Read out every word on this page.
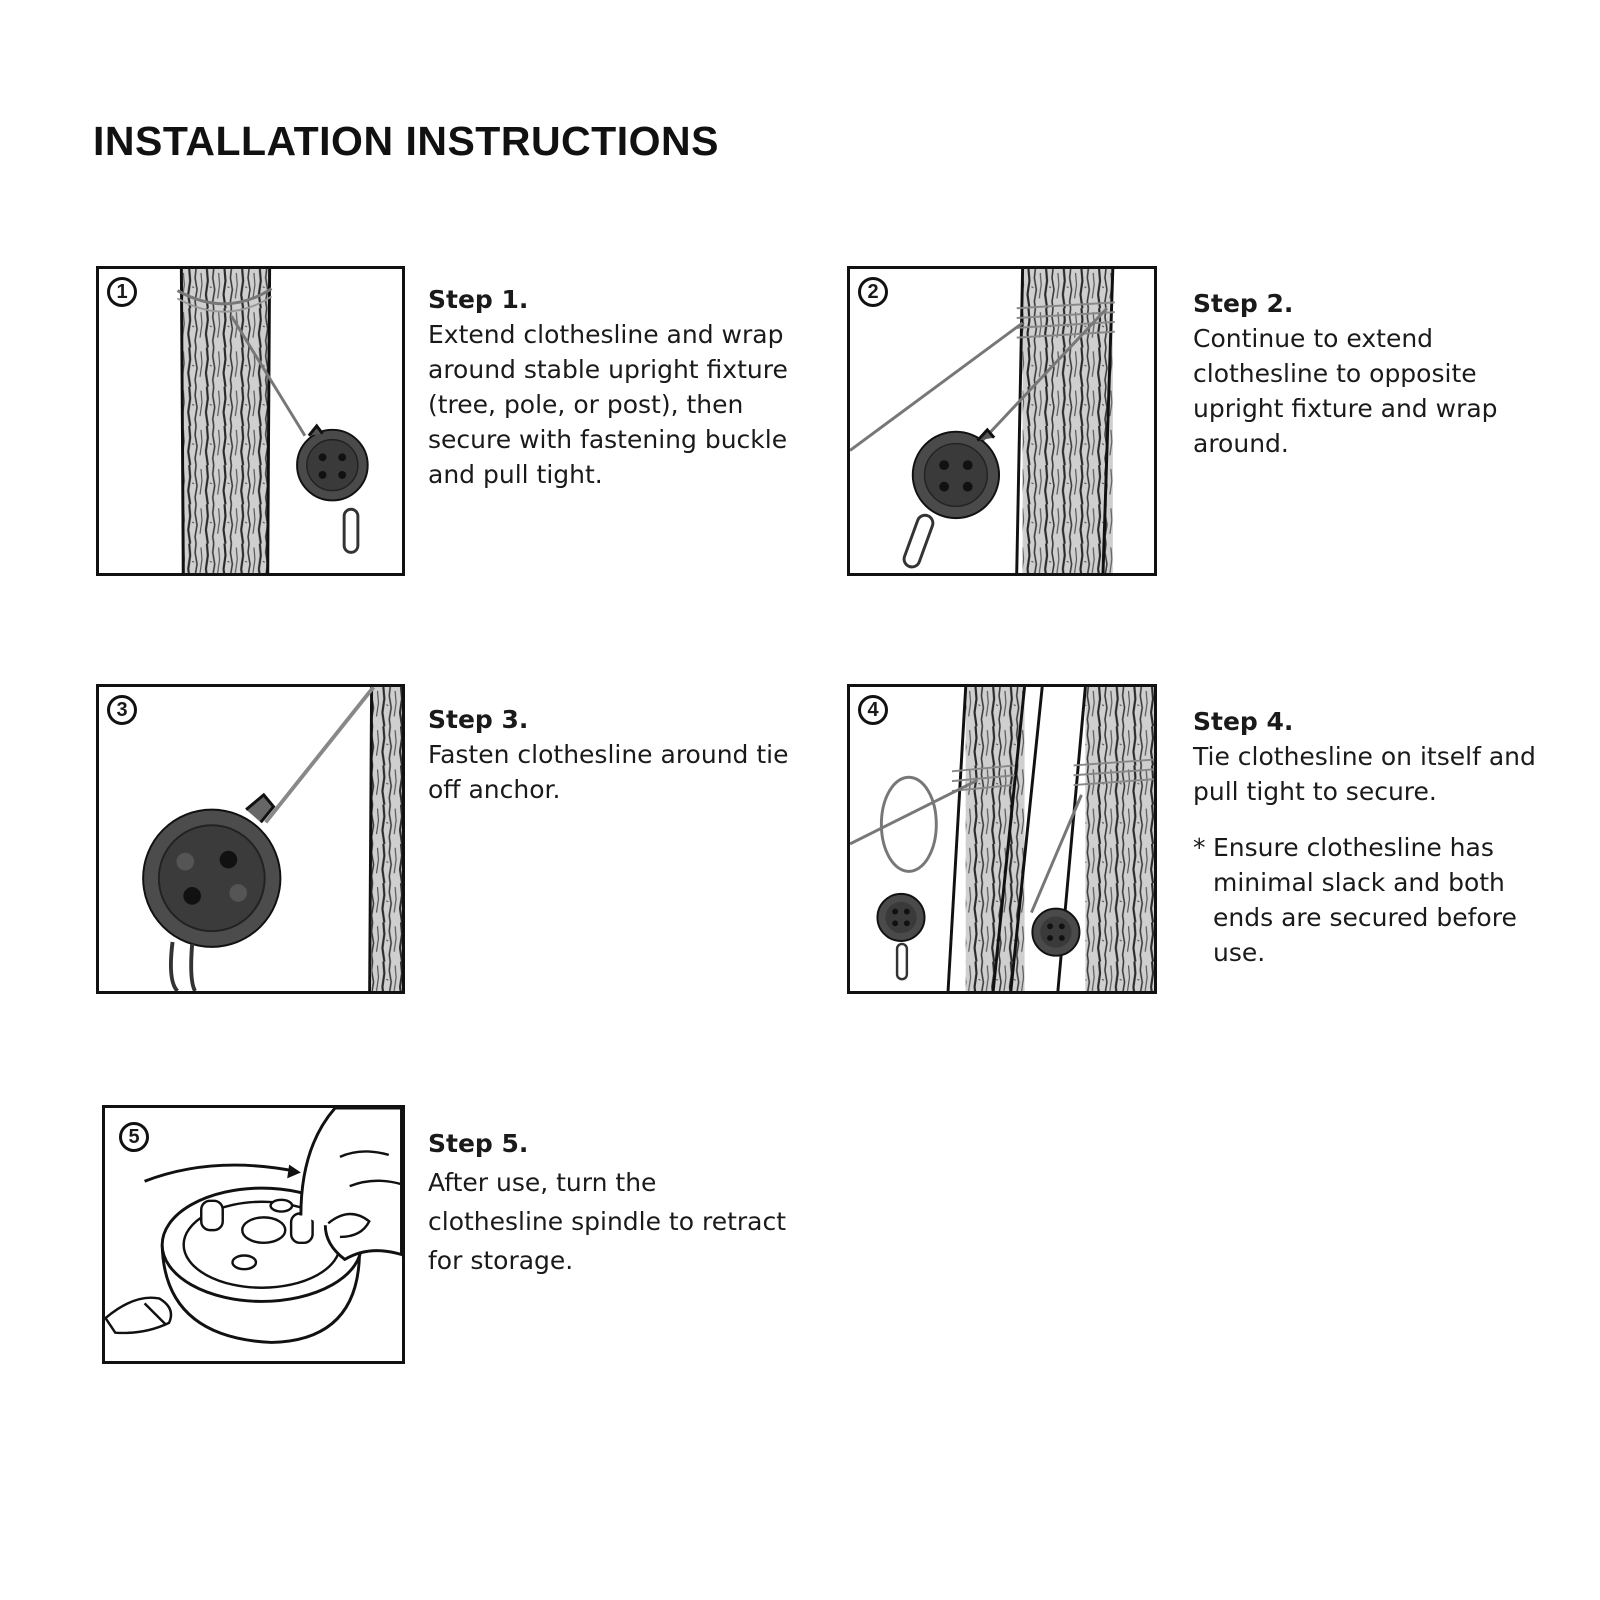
INSTALLATION INSTRUCTIONS
1	Step 1.

Extend clothesline and wrap around stable upright fixture (tree, pole, or post), then secure with fastening buckle and pull tight.

2	Step 2.

Continue to extend clothesline to opposite upright fixture and wrap around.

3	Step 3.

Fasten clothesline around tie off anchor.

4	Step 4.

Tie clothesline on itself and pull tight to secure.

* Ensure clothesline has minimal slack and both ends are secured before use.
5	Step 5.

After use, turn the clothesline spindle to retract for storage.
